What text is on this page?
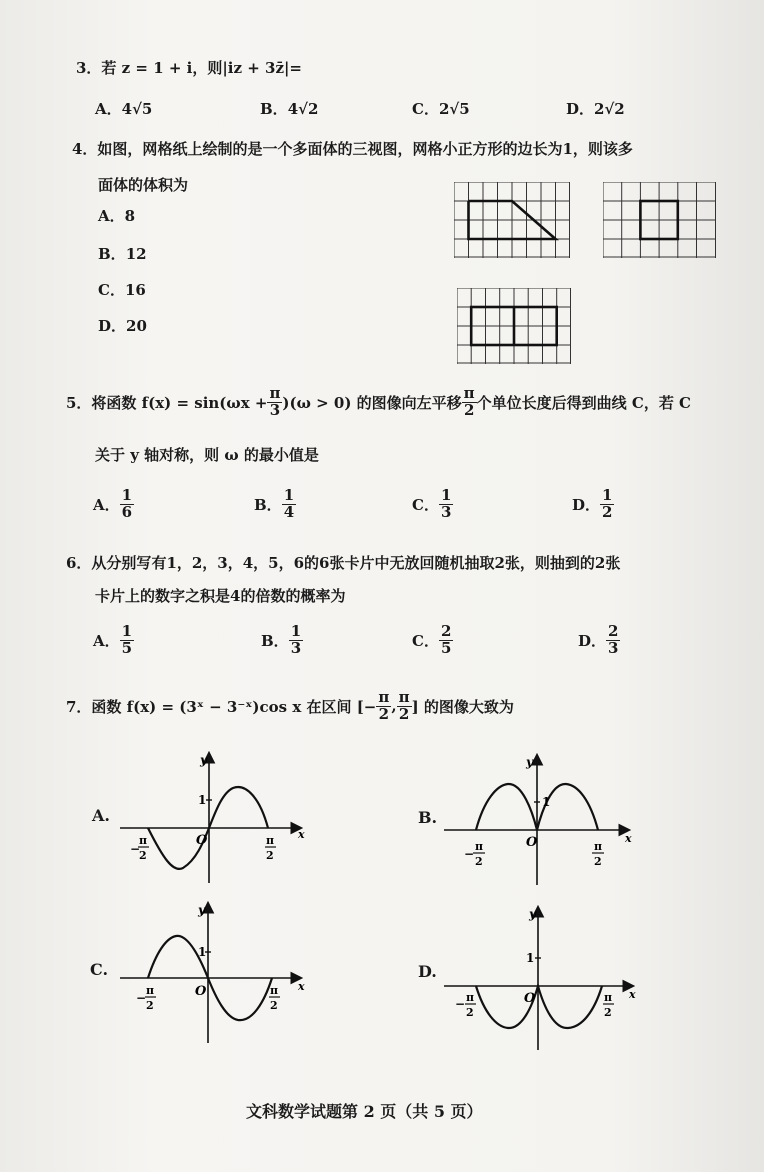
3．若 z = 1 + i，则|iz + 3z̄|=
A．4√5	B．4√2	C．2√5	D．2√2
4．如图，网格纸上绘制的是一个多面体的三视图，网格小正方形的边长为1，则该多
面体的体积为
A．8
B．12
C．16
D．20
5．将函数 $f(x) = \sin(\omega x + \frac{\pi}{3} )(\omega > 0)$ 的图像向左平移 $\frac{\pi}{2}$ 个单位长度后得到曲线 C，若 C
关于 y 轴对称，则 ω 的最小值是
A． $\frac{1}{6}$	B． $\frac{1}{4}$	C． $\frac{1}{3}$	D． $\frac{1}{2}$
6．从分别写有1，2，3，4，5，6的6张卡片中无放回随机抽取2张，则抽到的2张
卡片上的数字之积是4的倍数的概率为
A． $\frac{1}{5}$	B． $\frac{1}{3}$	C． $\frac{2}{5}$	D． $\frac{2}{3}$
7．函数 f(x) = (3ˣ − 3⁻ˣ)cos x 在区间 [− $\frac{\pi}{2}$ , $\frac{\pi}{2}$ ] 的图像大致为
A.	B.
C.	D.
y
1
O	x
−
π
2
π
2
y
1
O	x
−
π
2
π
2
y
1
O	x
−
π
2
π
2
y
1
O	x
− π
2
π
2
文科数学试题第 2 页（共 5 页）
